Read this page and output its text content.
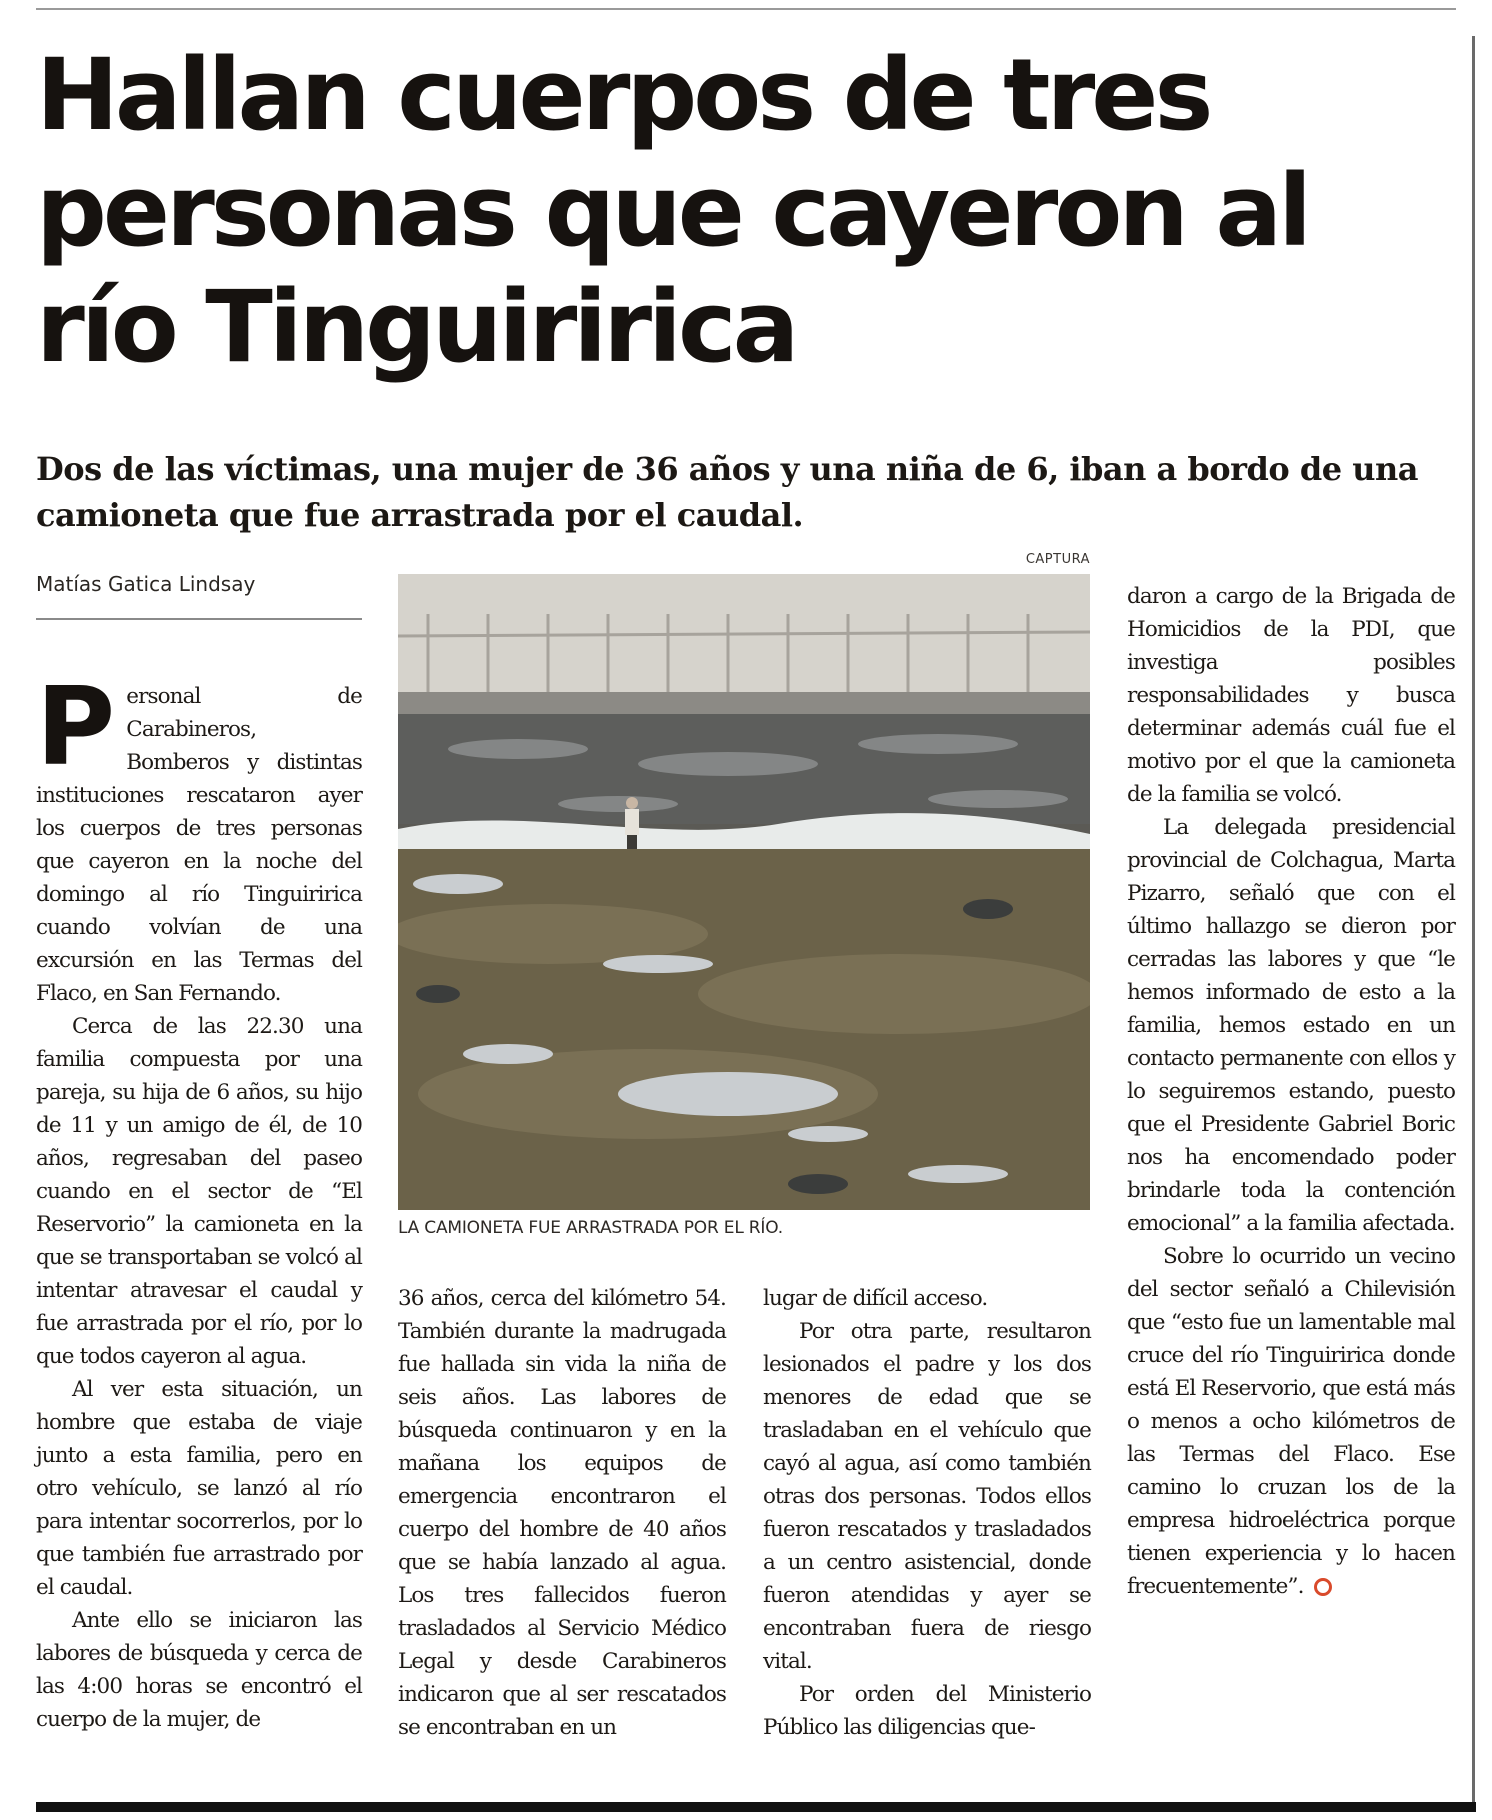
Hallan cuerpos de tres personas que cayeron al río Tinguiririca

Dos de las víctimas, una mujer de 36 años y una niña de 6, iban a bordo de una camioneta que fue arrastrada por el caudal.

Matías Gatica Lindsay

Personal de Carabineros, Bomberos y distintas instituciones rescataron ayer los cuerpos de tres personas que cayeron en la noche del domingo al río Tinguiririca cuando volvían de una excursión en las Termas del Flaco, en San Fernando.

Cerca de las 22.30 una familia compuesta por una pareja, su hija de 6 años, su hijo de 11 y un amigo de él, de 10 años, regresaban del paseo cuando en el sector de “El Reservorio” la camioneta en la que se transportaban se volcó al intentar atravesar el caudal y fue arrastrada por el río, por lo que todos cayeron al agua.

Al ver esta situación, un hombre que estaba de viaje junto a esta familia, pero en otro vehículo, se lanzó al río para intentar socorrerlos, por lo que también fue arrastrado por el caudal.

Ante ello se iniciaron las labores de búsqueda y cerca de las 4:00 horas se encontró el cuerpo de la mujer, de

CAPTURA
LA CAMIONETA FUE ARRASTRADA POR EL RÍO.

36 años, cerca del kilómetro 54. También durante la madrugada fue hallada sin vida la niña de seis años. Las labores de búsqueda continuaron y en la mañana los equipos de emergencia encontraron el cuerpo del hombre de 40 años que se había lanzado al agua. Los tres fallecidos fueron trasladados al Servicio Médico Legal y desde Carabineros indicaron que al ser rescatados se encontraban en un

lugar de difícil acceso.

Por otra parte, resultaron lesionados el padre y los dos menores de edad que se trasladaban en el vehículo que cayó al agua, así como también otras dos personas. Todos ellos fueron rescatados y trasladados a un centro asistencial, donde fueron atendidas y ayer se encontraban fuera de riesgo vital.

Por orden del Ministerio Público las diligencias que-

daron a cargo de la Brigada de Homicidios de la PDI, que investiga posibles responsabilidades y busca determinar además cuál fue el motivo por el que la camioneta de la familia se volcó.

La delegada presidencial provincial de Colchagua, Marta Pizarro, señaló que con el último hallazgo se dieron por cerradas las labores y que “le hemos informado de esto a la familia, hemos estado en un contacto permanente con ellos y lo seguiremos estando, puesto que el Presidente Gabriel Boric nos ha encomendado poder brindarle toda la contención emocional” a la familia afectada.

Sobre lo ocurrido un vecino del sector señaló a Chilevisión que “esto fue un lamentable mal cruce del río Tinguiririca donde está El Reservorio, que está más o menos a ocho kilómetros de las Termas del Flaco. Ese camino lo cruzan los de la empresa hidroeléctrica porque tienen experiencia y lo hacen frecuentemente”.
